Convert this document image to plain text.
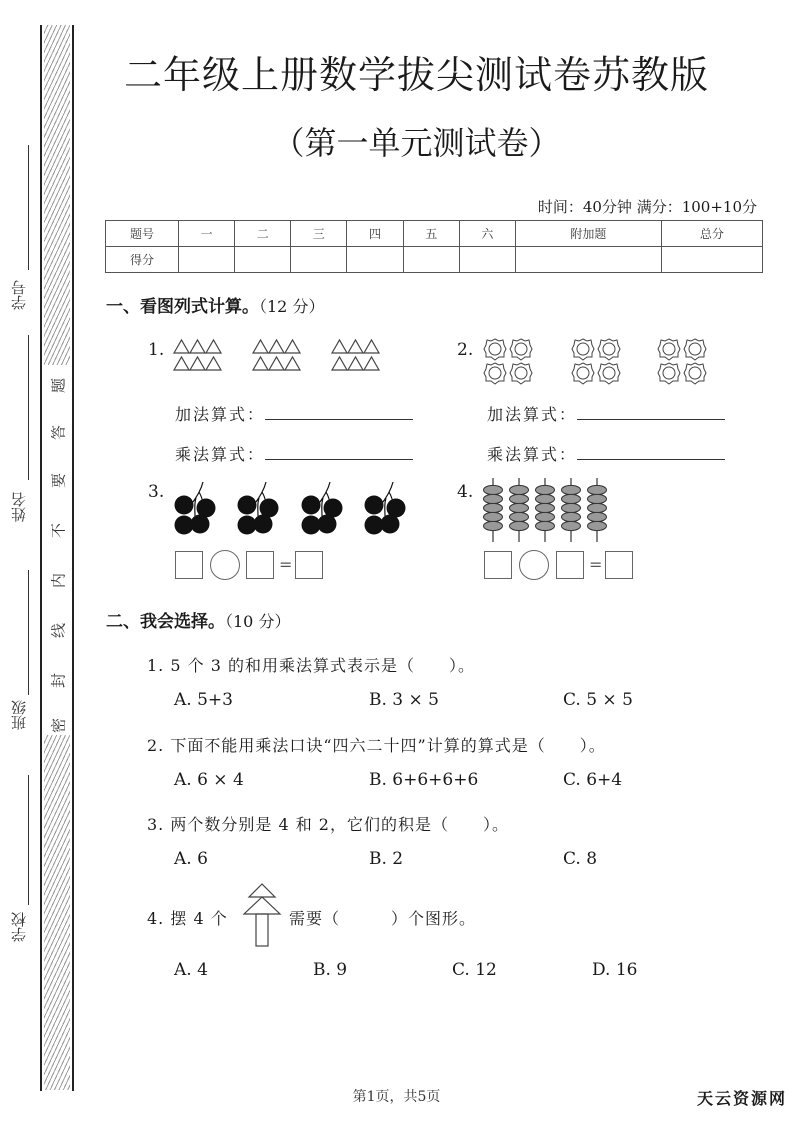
学号
姓名
班级
学校
题
答
要
不
内
线
封
密
二年级上册数学拔尖测试卷苏教版
（第一单元测试卷）
时间：40分钟 满分：100+10分
题号	一	二	三	四	五	六	附加题	总分
得分								
一、看图列式计算。（12 分）
1.
加法算式：
乘法算式：
2.
加法算式：
乘法算式：
3.
=
4.
=
二、我会选择。（10 分）
1. 5 个 3 的和用乘法算式表示是（　　）。
A. 5+3	B. 3 × 5	C. 5 × 5
2. 下面不能用乘法口诀“四六二十四”计算的算式是（　　）。
A. 6 × 4	B. 6+6+6+6	C. 6+4
3. 两个数分别是 4 和 2，它们的积是（　　）。
A. 6	B. 2	C. 8
4. 摆 4 个	需要（　　　）个图形。
A. 4	B. 9	C. 12	D. 16
第1页，共5页	天云资源网
